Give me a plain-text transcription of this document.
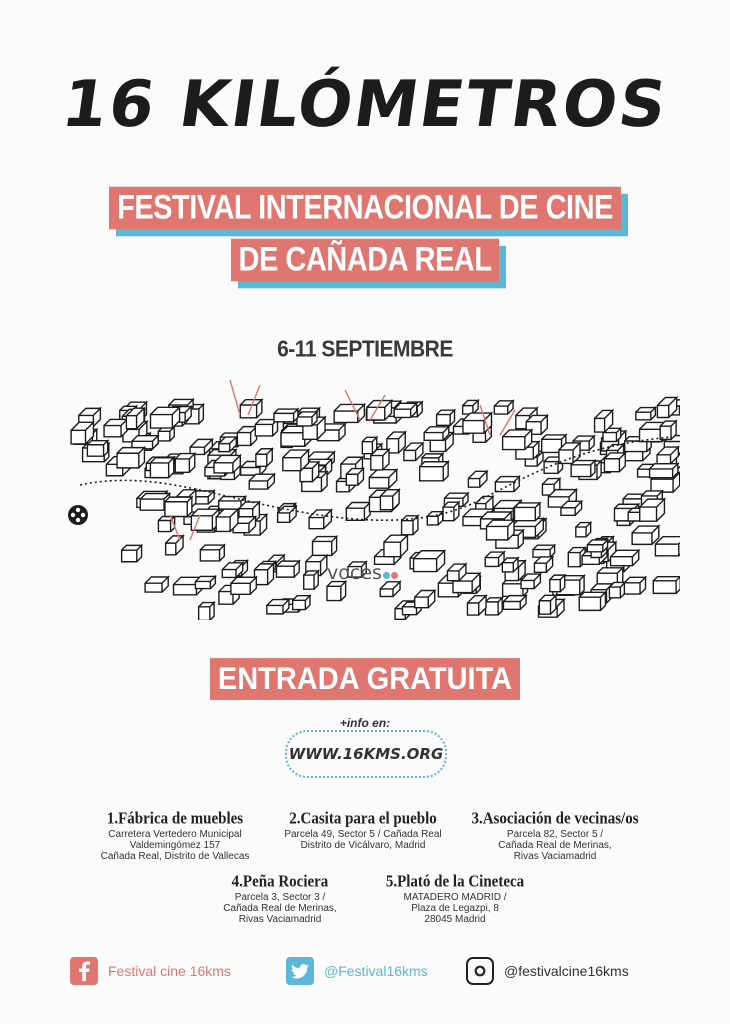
16 KILÓMETROS
FESTIVAL INTERNACIONAL DE CINE
DE CAÑADA REAL
6-11 SEPTIEMBRE
voces
ENTRADA GRATUITA
+info en:
WWW.16KMS.ORG
1.Fábrica de muebles
Carretera Vertedero Municipal
Valdemingómez 157
Cañada Real, Distrito de Vallecas
2.Casita para el pueblo
Parcela 49, Sector 5 / Cañada Real
Distrito de Vicálvaro, Madrid
3.Asociación de vecinas/os
Parcela 82, Sector 5 /
Cañada Real de Merinas,
Rivas Vaciamadrid
4.Peña Rociera
Parcela 3, Sector 3 /
Cañada Real de Merinas,
Rivas Vaciamadrid
5.Plató de la Cineteca
MATADERO MADRID /
Plaza de Legazpi, 8
28045 Madrid
Festival cine 16kms	@Festival16kms	@festivalcine16kms
